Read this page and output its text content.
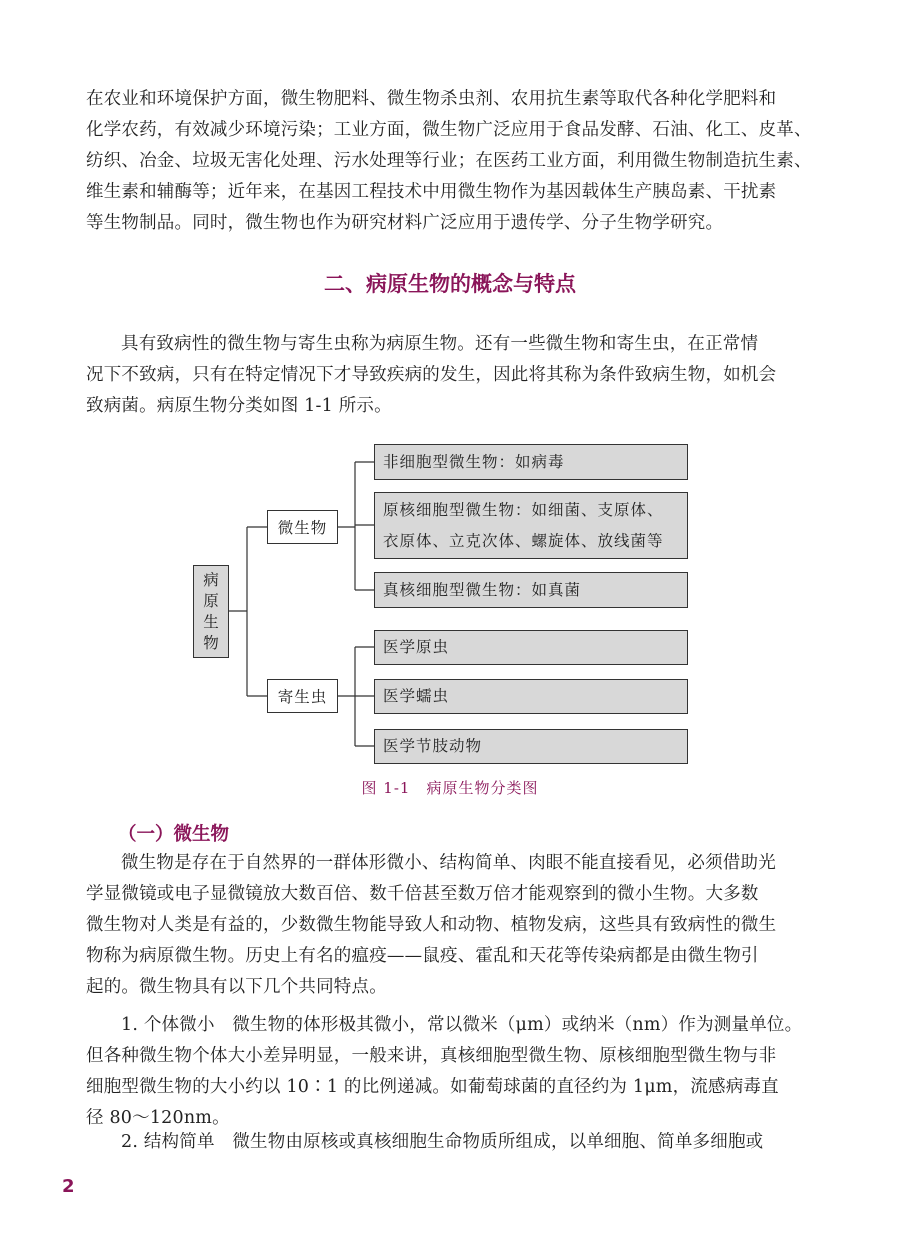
在农业和环境保护方面，微生物肥料、微生物杀虫剂、农用抗生素等取代各种化学肥料和
化学农药，有效减少环境污染；工业方面，微生物广泛应用于食品发酵、石油、化工、皮革、
纺织、冶金、垃圾无害化处理、污水处理等行业；在医药工业方面，利用微生物制造抗生素、
维生素和辅酶等；近年来，在基因工程技术中用微生物作为基因载体生产胰岛素、干扰素
等生物制品。同时，微生物也作为研究材料广泛应用于遗传学、分子生物学研究。
二、病原生物的概念与特点
具有致病性的微生物与寄生虫称为病原生物。还有一些微生物和寄生虫，在正常情
况下不致病，只有在特定情况下才导致疾病的发生，因此将其称为条件致病生物，如机会
致病菌。病原生物分类如图 1-1 所示。
病
原
生
物
微生物
寄生虫
非细胞型微生物：如病毒
原核细胞型微生物：如细菌、支原体、
衣原体、立克次体、螺旋体、放线菌等
真核细胞型微生物：如真菌
医学原虫
医学蠕虫
医学节肢动物

图 1-1　病原生物分类图

（一）微生物
微生物是存在于自然界的一群体形微小、结构简单、肉眼不能直接看见，必须借助光
学显微镜或电子显微镜放大数百倍、数千倍甚至数万倍才能观察到的微小生物。大多数
微生物对人类是有益的，少数微生物能导致人和动物、植物发病，这些具有致病性的微生
物称为病原微生物。历史上有名的瘟疫——鼠疫、霍乱和天花等传染病都是由微生物引
起的。微生物具有以下几个共同特点。
1. 个体微小　微生物的体形极其微小，常以微米（μm）或纳米（nm）作为测量单位。
但各种微生物个体大小差异明显，一般来讲，真核细胞型微生物、原核细胞型微生物与非
细胞型微生物的大小约以 10∶1 的比例递减。如葡萄球菌的直径约为 1μm，流感病毒直
径 80～120nm。
2. 结构简单　微生物由原核或真核细胞生命物质所组成，以单细胞、简单多细胞或
2
